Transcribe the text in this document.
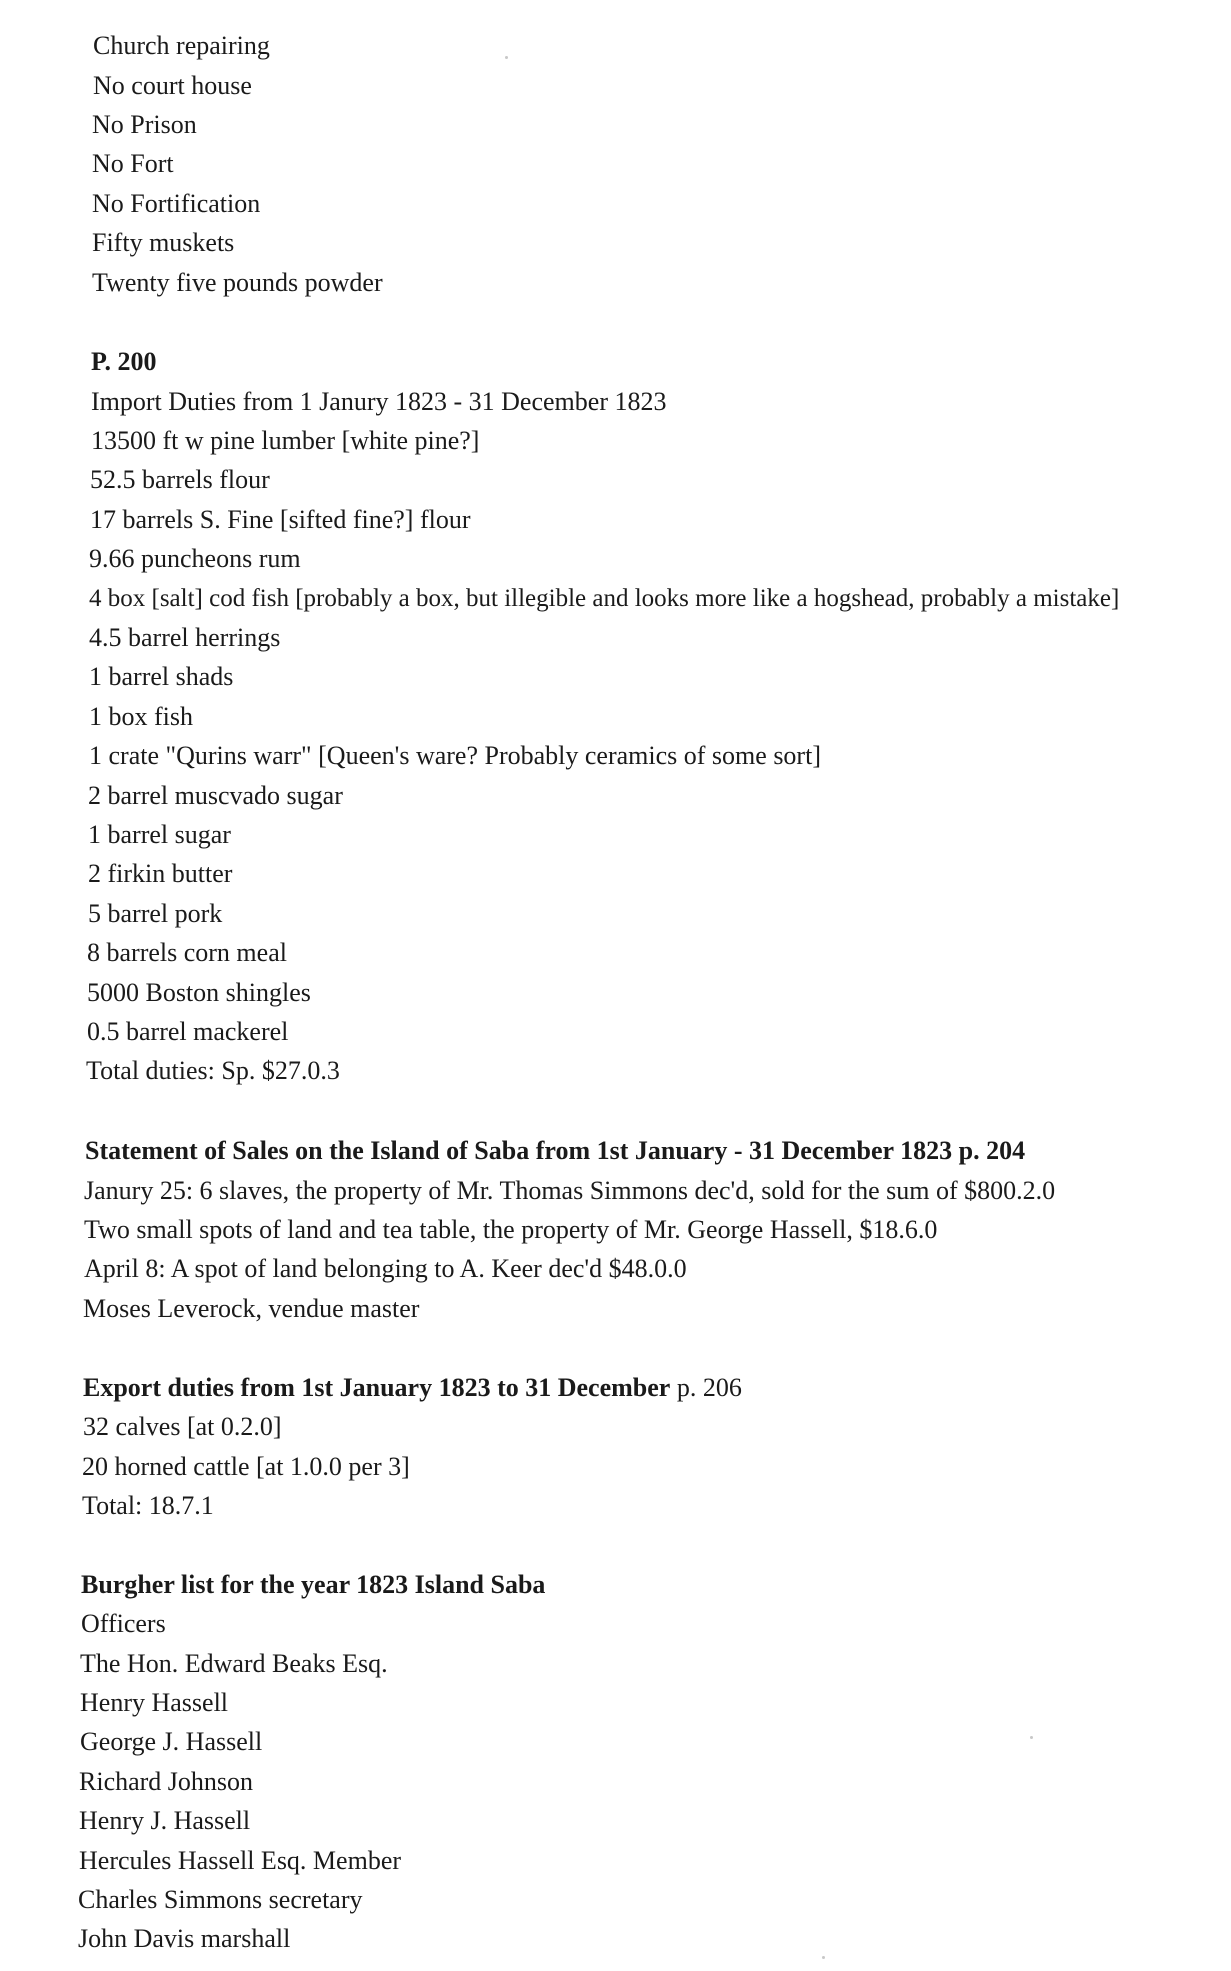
Church repairing
No court house
No Prison
No Fort
No Fortification
Fifty muskets
Twenty five pounds powder
P. 200
Import Duties from 1 Janury 1823 - 31 December 1823
13500 ft w pine lumber [white pine?]
52.5 barrels flour
17 barrels S. Fine [sifted fine?] flour
9.66 puncheons rum
4 box [salt] cod fish [probably a box, but illegible and looks more like a hogshead, probably a mistake]
4.5 barrel herrings
1 barrel shads
1 box fish
1 crate "Qurins warr" [Queen's ware? Probably ceramics of some sort]
2 barrel muscvado sugar
1 barrel sugar
2 firkin butter
5 barrel pork
8 barrels corn meal
5000 Boston shingles
0.5 barrel mackerel
Total duties: Sp. $27.0.3
Statement of Sales on the Island of Saba from 1st January - 31 December 1823 p. 204
Janury 25: 6 slaves, the property of Mr. Thomas Simmons dec'd, sold for the sum of $800.2.0
Two small spots of land and tea table, the property of Mr. George Hassell, $18.6.0
April 8: A spot of land belonging to A. Keer dec'd $48.0.0
Moses Leverock, vendue master
Export duties from 1st January 1823 to 31 December p. 206
32 calves [at 0.2.0]
20 horned cattle [at 1.0.0 per 3]
Total: 18.7.1
Burgher list for the year 1823 Island Saba
Officers
The Hon. Edward Beaks Esq.
Henry Hassell
George J. Hassell
Richard Johnson
Henry J. Hassell
Hercules Hassell Esq. Member
Charles Simmons secretary
John Davis marshall
